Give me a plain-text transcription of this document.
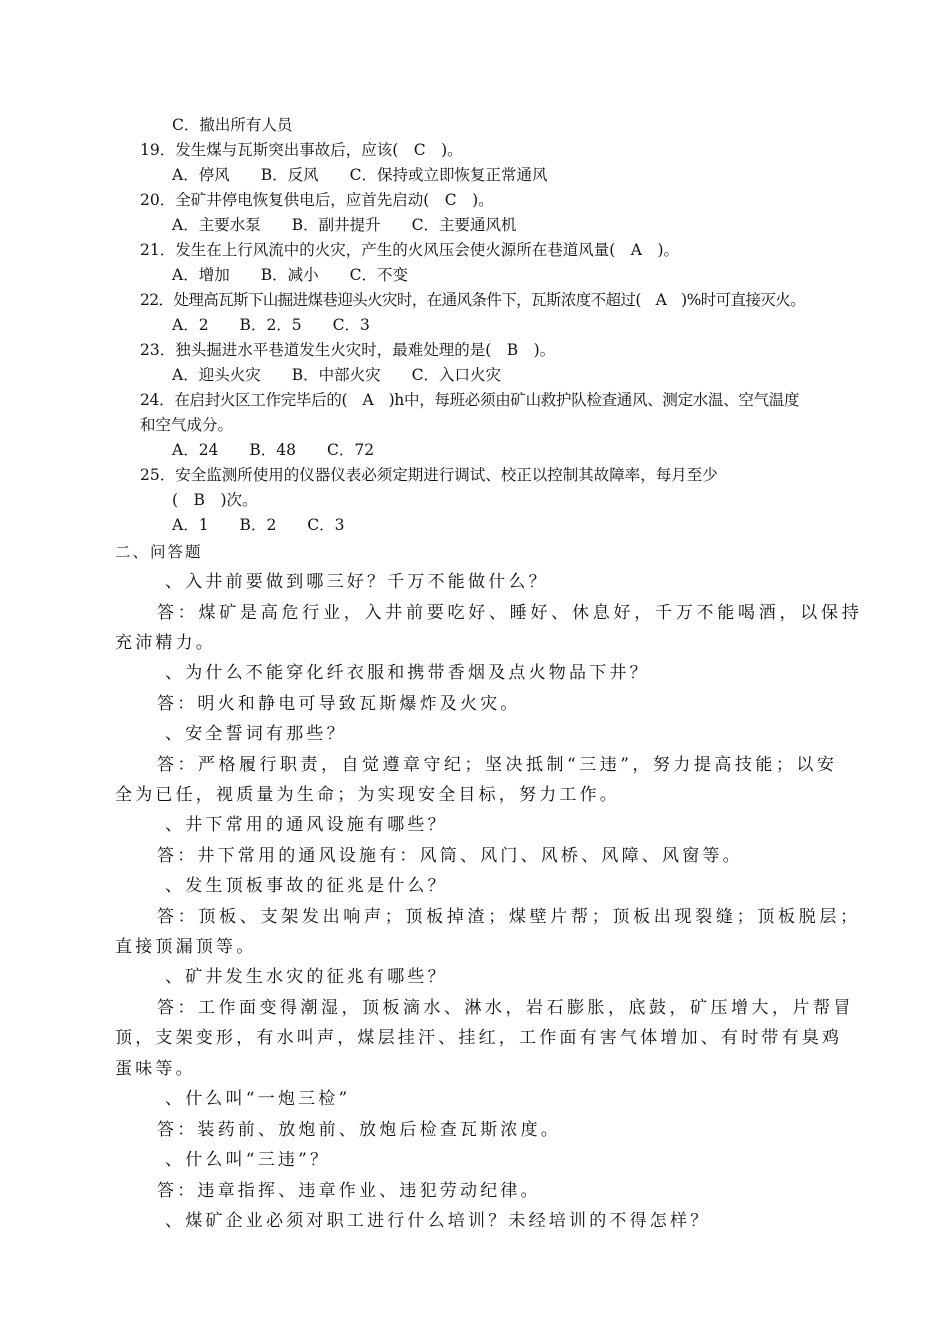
C．撤出所有人员
19．发生煤与瓦斯突出事故后，应该(　C　)。
A．停风　　B．反风　　C．保持或立即恢复正常通风
20．全矿井停电恢复供电后，应首先启动(　C　)。
A．主要水泵　　B．副井提升　　C．主要通风机
21．发生在上行风流中的火灾，产生的火风压会使火源所在巷道风量(　A　)。
A．增加　　B．减小　　C．不变
22．处理高瓦斯下山掘进煤巷迎头火灾时，在通风条件下，瓦斯浓度不超过(　A　)%时可直接灭火。
A．2　　B．2．5　　C．3
23．独头掘进水平巷道发生火灾时，最难处理的是(　B　)。
A．迎头火灾　　B．中部火灾　　C．入口火灾
24．在启封火区工作完毕后的(　A　)h中，每班必须由矿山救护队检查通风、测定水温、空气温度
和空气成分。
A．24　　B．48　　C．72
25．安全监测所使用的仪器仪表必须定期进行调试、校正以控制其故障率，每月至少
(　B　)次。
A．1　　B．2　　C．3
二、问答题
、入井前要做到哪三好？千万不能做什么？
答：煤矿是高危行业，入井前要吃好、睡好、休息好，千万不能喝酒，以保持
充沛精力。
、为什么不能穿化纤衣服和携带香烟及点火物品下井？
答：明火和静电可导致瓦斯爆炸及火灾。
、安全誓词有那些？
答：严格履行职责，自觉遵章守纪；坚决抵制“三违”，努力提高技能；以安
全为已任，视质量为生命；为实现安全目标，努力工作。
、井下常用的通风设施有哪些？
答：井下常用的通风设施有：风筒、风门、风桥、风障、风窗等。
、发生顶板事故的征兆是什么？
答：顶板、支架发出响声；顶板掉渣；煤壁片帮；顶板出现裂缝；顶板脱层；
直接顶漏顶等。
、矿井发生水灾的征兆有哪些？
答：工作面变得潮湿，顶板滴水、淋水，岩石膨胀，底鼓，矿压增大，片帮冒
顶，支架变形，有水叫声，煤层挂汗、挂红，工作面有害气体增加、有时带有臭鸡
蛋味等。
、什么叫“一炮三检”
答：装药前、放炮前、放炮后检查瓦斯浓度。
、什么叫“三违”？
答：违章指挥、违章作业、违犯劳动纪律。
、煤矿企业必须对职工进行什么培训？未经培训的不得怎样？
